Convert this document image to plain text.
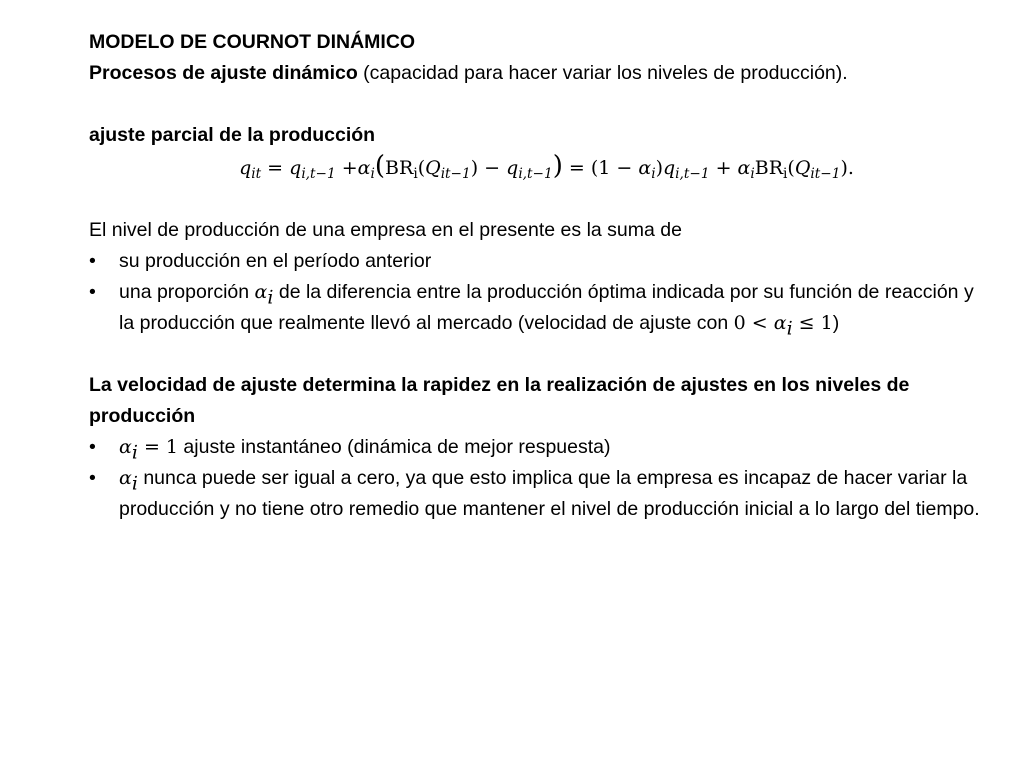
MODELO DE COURNOT DINÁMICO
Procesos de ajuste dinámico (capacidad para hacer variar los niveles de producción).
ajuste parcial de la producción
$q_{it} = q_{i,t-1} +\alpha_i(BR_i(Q_{it-1}) - q_{i,t-1}) = (1 - \alpha_i)q_{i,t-1} + \alpha_iBR_i(Q_{it-1})$.
El nivel de producción de una empresa en el presente es la suma de
• su producción en el período anterior
• una proporción $\alpha_i$ de la diferencia entre la producción óptima indicada por su función de reacción y la producción que realmente llevó al mercado (velocidad de ajuste con $0 < \alpha_i \le 1$)
La velocidad de ajuste determina la rapidez en la realización de ajustes en los niveles de producción
• $\alpha_i = 1$ ajuste instantáneo (dinámica de mejor respuesta)
• $\alpha_i$ nunca puede ser igual a cero, ya que esto implica que la empresa es incapaz de hacer variar la producción y no tiene otro remedio que mantener el nivel de producción inicial a lo largo del tiempo.
